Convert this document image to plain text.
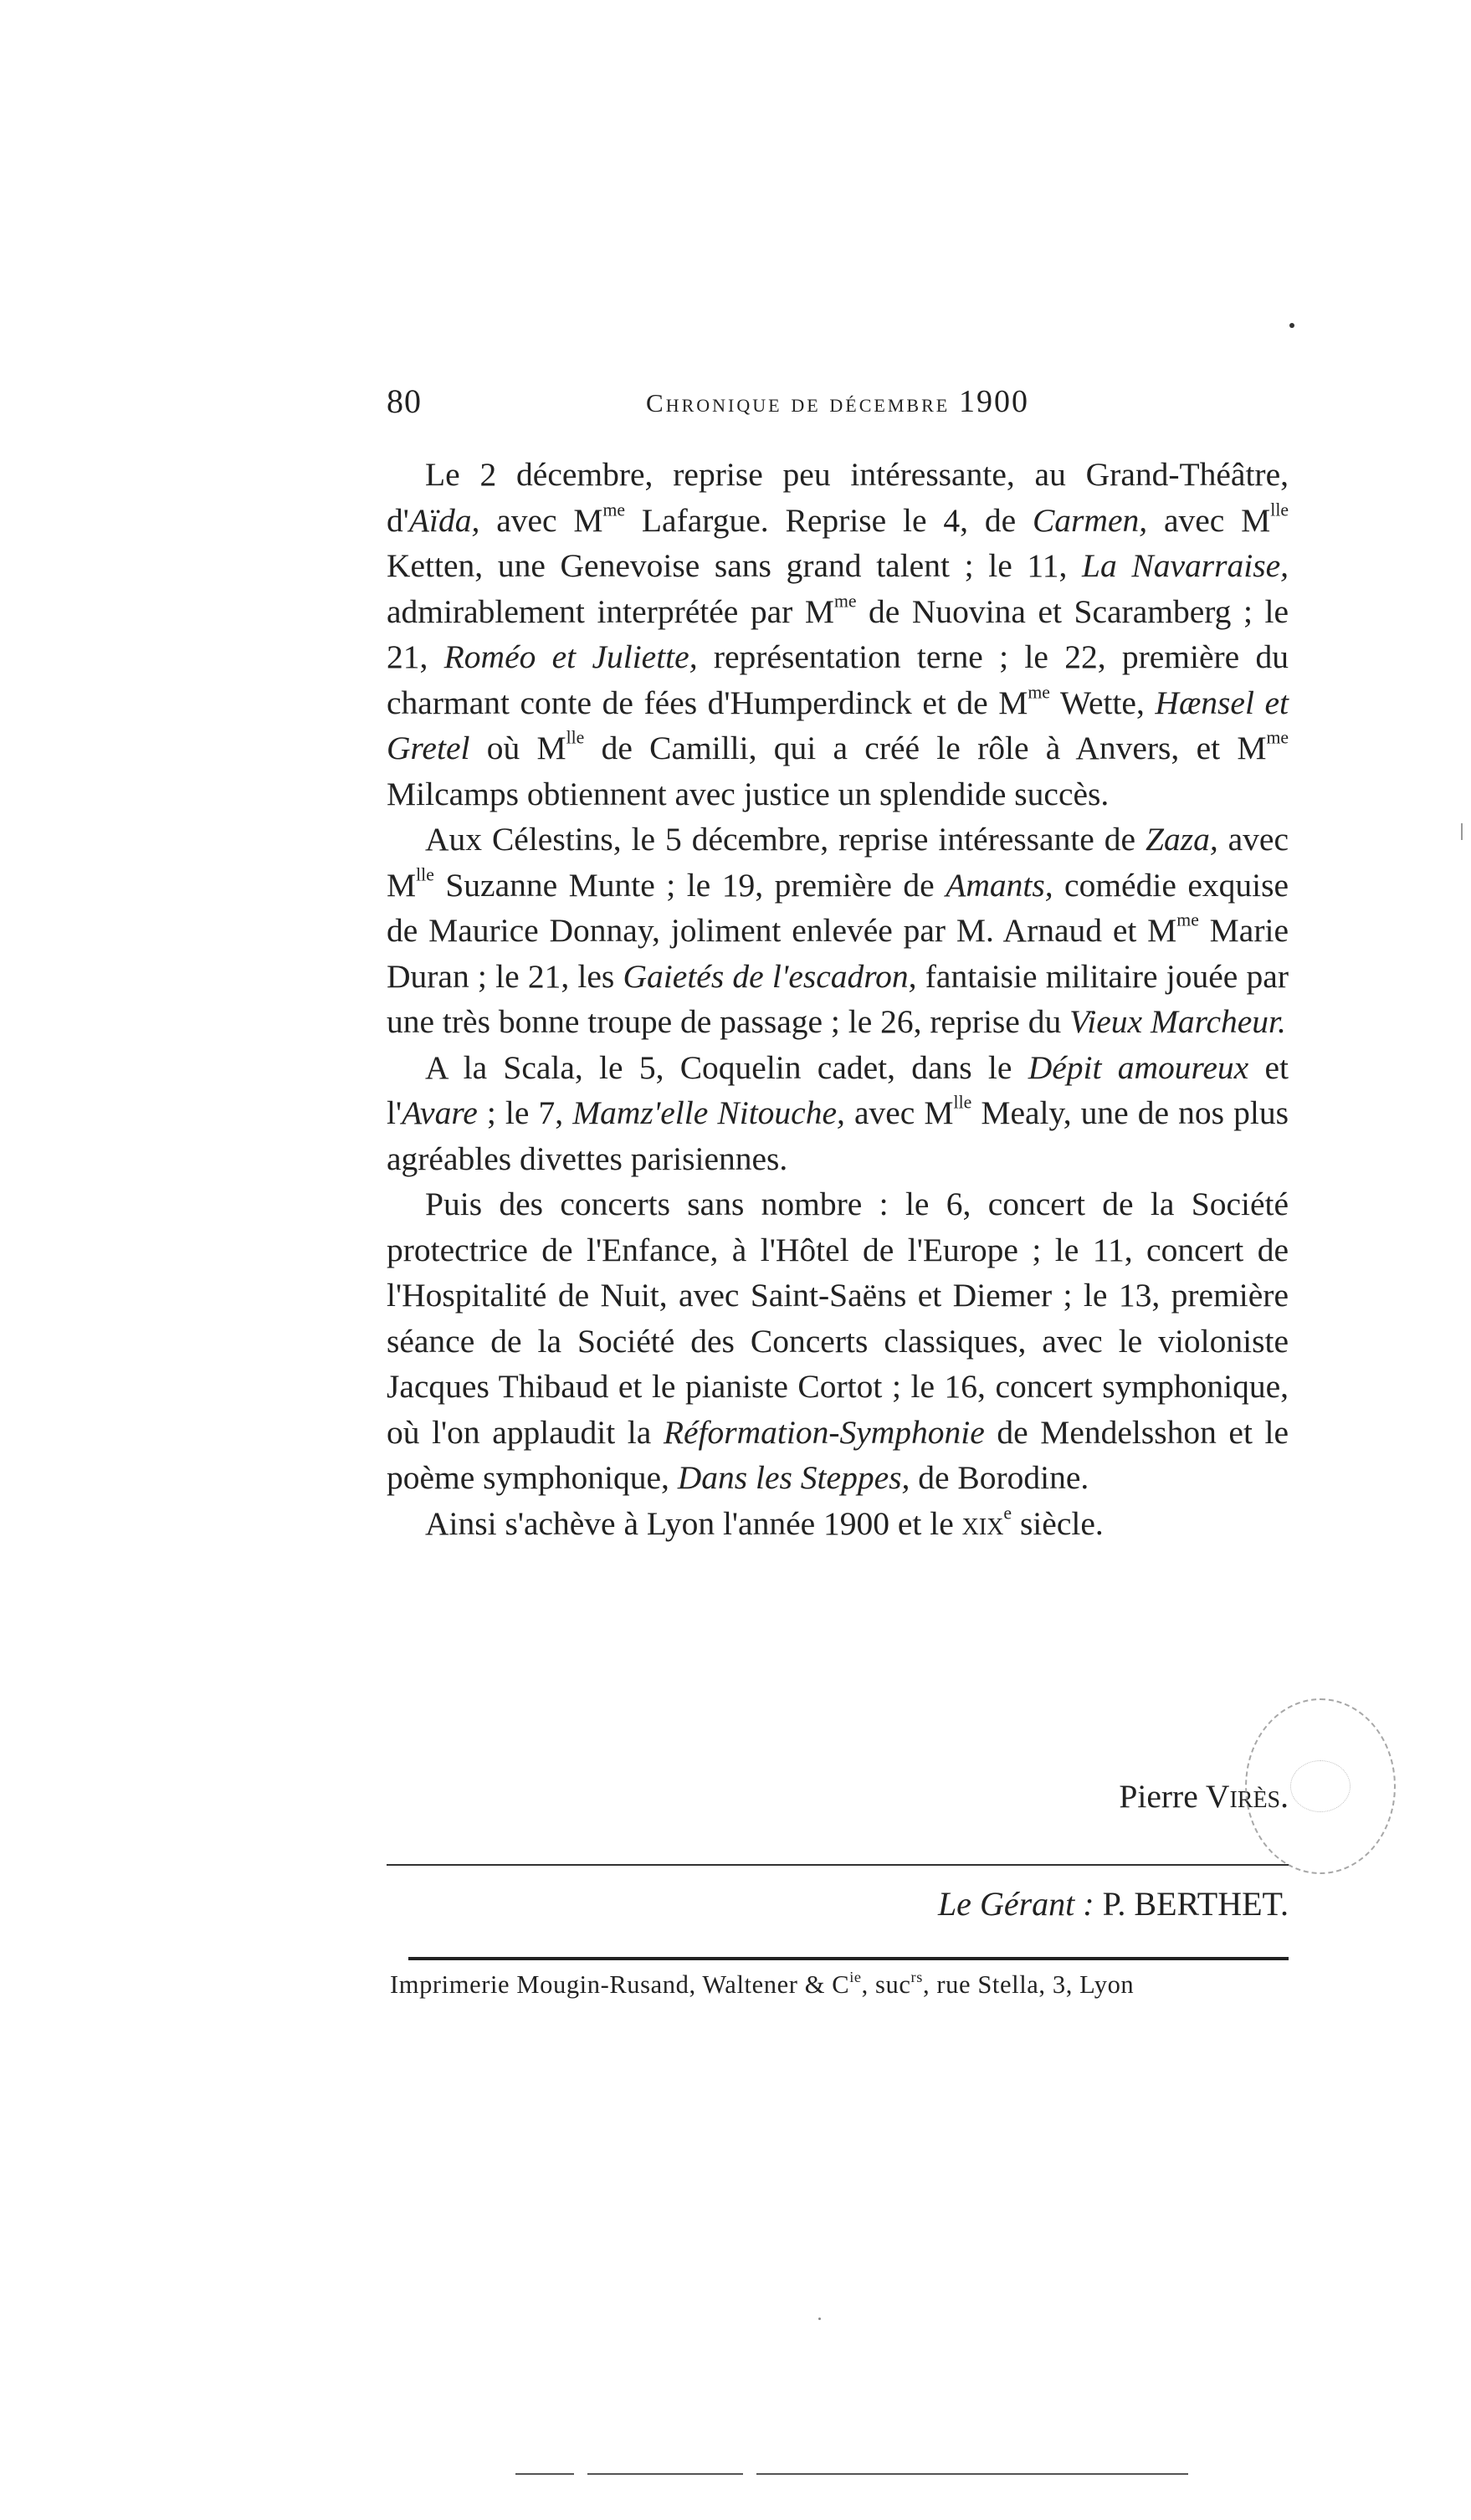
80	Chronique de décembre 1900

Le 2 décembre, reprise peu intéressante, au Grand-Théâtre, d'Aïda, avec $M^{me}$ Lafargue. Reprise le 4, de Carmen, avec $M^{lle}$ Ketten, une Genevoise sans grand talent ; le 11, La Navarraise, admirablement interprétée par $M^{me}$ de Nuovina et Scaramberg ; le 21, Roméo et Juliette, représentation terne ; le 22, première du charmant conte de fées d'Humperdinck et de $M^{me}$ Wette, Hænsel et Gretel où $M^{lle}$ de Camilli, qui a créé le rôle à Anvers, et $M^{me}$ Milcamps obtiennent avec justice un splendide succès.

Aux Célestins, le 5 décembre, reprise intéressante de Zaza, avec $M^{lle}$ Suzanne Munte ; le 19, première de Amants, comédie exquise de Maurice Donnay, joliment enlevée par M. Arnaud et $M^{me}$ Marie Duran ; le 21, les Gaietés de l'escadron, fantaisie militaire jouée par une très bonne troupe de passage ; le 26, reprise du Vieux Marcheur.

A la Scala, le 5, Coquelin cadet, dans le Dépit amoureux et l'Avare ; le 7, Mamz'elle Nitouche, avec $M^{lle}$ Mealy, une de nos plus agréables divettes parisiennes.

Puis des concerts sans nombre : le 6, concert de la Société protectrice de l'Enfance, à l'Hôtel de l'Europe ; le 11, concert de l'Hospitalité de Nuit, avec Saint-Saëns et Diemer ; le 13, première séance de la Société des Concerts classiques, avec le violoniste Jacques Thibaud et le pianiste Cortot ; le 16, concert symphonique, où l'on applaudit la Réformation-Symphonie de Mendelsshon et le poème symphonique, Dans les Steppes, de Borodine.

Ainsi s'achève à Lyon l'année 1900 et le xix$^e$ siècle.

Pierre Virès.
Le Gérant : P. BERTHET.
Imprimerie Mougin-Rusand, Waltener & $C^{ie}$, suc$^{rs}$, rue Stella, 3, Lyon
